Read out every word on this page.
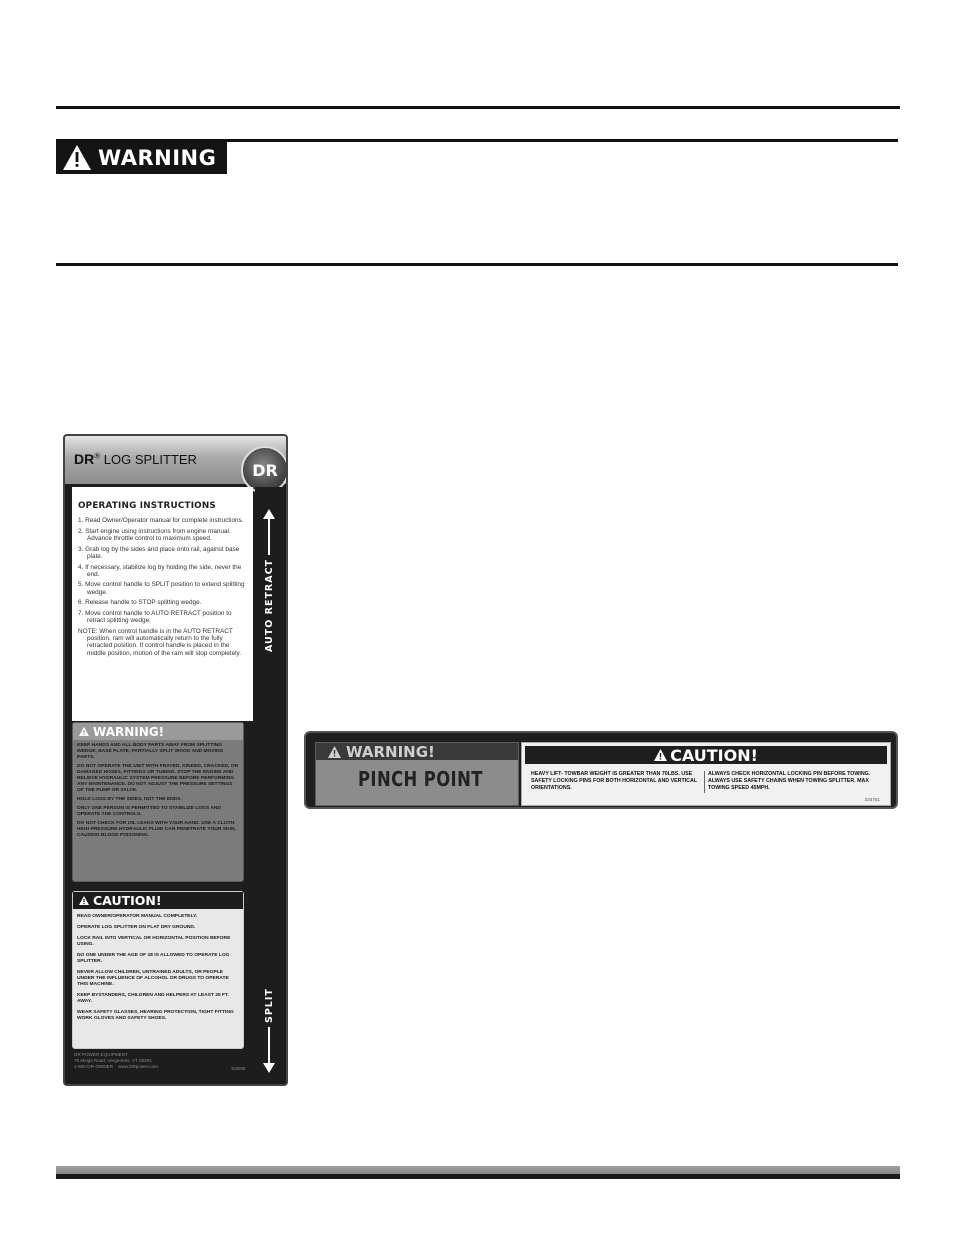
WARNING
DR® LOG SPLITTER
DR
OPERATING INSTRUCTIONS
1. Read Owner/Operator manual for complete instructions.
2. Start engine using instructions from engine manual. Advance throttle control to maximum speed.
3. Grab log by the sides and place onto rail, against base plate.
4. If necessary, stabilize log by holding the side, never the end.
5. Move control handle to SPLIT position to extend splitting wedge.
6. Release handle to STOP splitting wedge.
7. Move control handle to AUTO RETRACT position to retract splitting wedge.
NOTE: When control handle is in the AUTO RETRACT position, ram will automatically return to the fully retracted position. If control handle is placed in the middle position, motion of the ram will stop completely.
AUTO RETRACT
SPLIT
WARNING!

KEEP HANDS AND ALL BODY PARTS AWAY FROM SPLITTING WEDGE, BASE PLATE, PARTIALLY SPLIT WOOD AND MOVING PARTS.

DO NOT OPERATE THE UNIT WITH FRAYED, KINKED, CRACKED, OR DAMAGED HOSES, FITTINGS OR TUBING. STOP THE ENGINE AND RELIEVE HYDRAULIC SYSTEM PRESSURE BEFORE PERFORMING ANY MAINTENANCE. DO NOT ADJUST THE PRESSURE SETTINGS OF THE PUMP OR VALVE.

HOLD LOGS BY THE SIDES, NOT THE ENDS.

ONLY ONE PERSON IS PERMITTED TO STABILIZE LOGS AND OPERATE THE CONTROLS.

DO NOT CHECK FOR OIL LEAKS WITH YOUR HAND. USE A CLOTH. HIGH PRESSURE HYDRAULIC FLUID CAN PENETRATE YOUR SKIN, CAUSING BLOOD POISONING.

CAUTION!

READ OWNER/OPERATOR MANUAL COMPLETELY.

OPERATE LOG SPLITTER ON FLAT DRY GROUND.

LOCK RAIL INTO VERTICAL OR HORIZONTAL POSITION BEFORE USING.

NO ONE UNDER THE AGE OF 18 IS ALLOWED TO OPERATE LOG SPLITTER.

NEVER ALLOW CHILDREN, UNTRAINED ADULTS, OR PEOPLE UNDER THE INFLUENCE OF ALCOHOL OR DRUGS TO OPERATE THIS MACHINE.

KEEP BYSTANDERS, CHILDREN AND HELPERS AT LEAST 25 FT. AWAY.

WEAR SAFETY GLASSES, HEARING PROTECTION, TIGHT FITTING WORK GLOVES AND SAFETY SHOES.

DR POWER EQUIPMENT
75 Meigs Road, Vergennes, VT 05491
1-800-DR-OWNER www.DRpower.com	334688
WARNING!
PINCH POINT
CAUTION!
HEAVY LIFT- TOWBAR WEIGHT IS GREATER THAN 70LBS. USE SAFETY LOCKING PINS FOR BOTH HORIZONTAL AND VERTICAL ORIENTATIONS.
ALWAYS CHECK HORIZONTAL LOCKING PIN BEFORE TOWING. ALWAYS USE SAFETY CHAINS WHEN TOWING SPLITTER. MAX TOWING SPEED 45MPH.
334751
